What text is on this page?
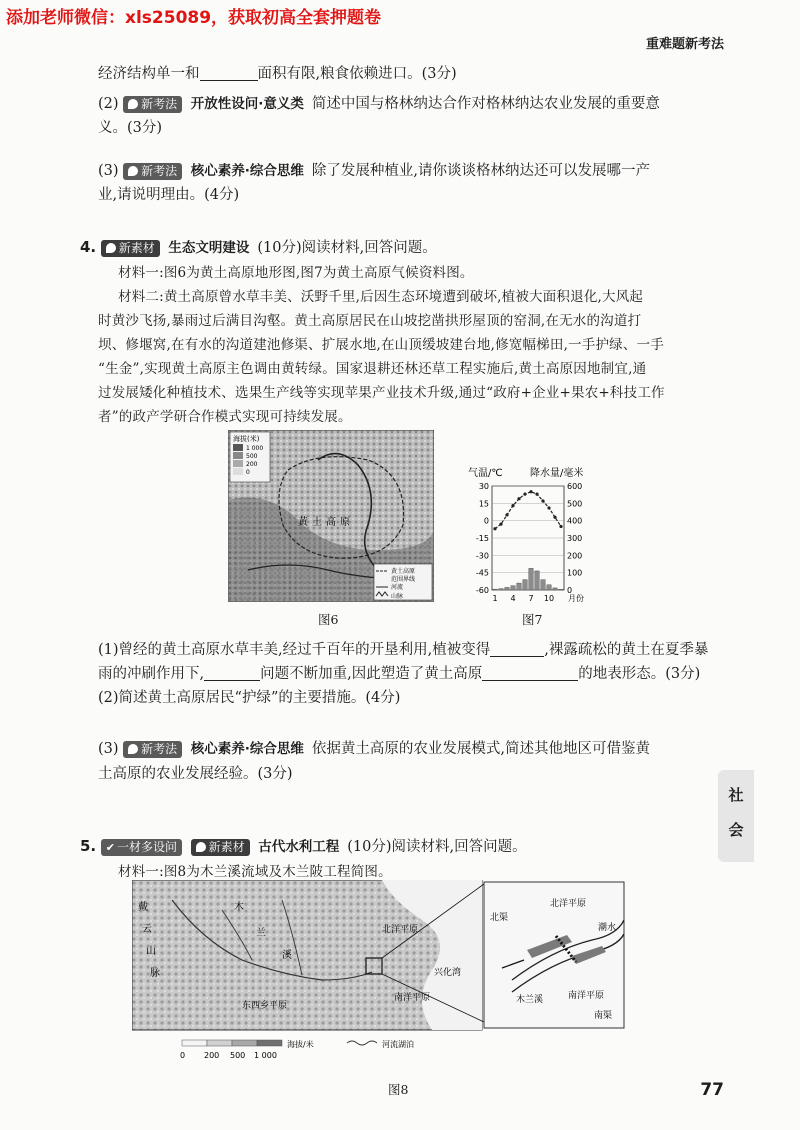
添加老师微信：xls25089，获取初高全套押题卷
重难题新考法
经济结构单一和	面积有限,粮食依赖进口。(3分)
(2) 新考法 开放性设问·意义类 简述中国与格林纳达合作对格林纳达农业发展的重要意
义。(3分)
(3) 新考法 核心素养·综合思维 除了发展种植业,请你谈谈格林纳达还可以发展哪一产
业,请说明理由。(4分)
4. 新素材 生态文明建设 (10分)阅读材料,回答问题。
材料一:图6为黄土高原地形图,图7为黄土高原气候资料图。
材料二:黄土高原曾水草丰美、沃野千里,后因生态环境遭到破坏,植被大面积退化,大风起
时黄沙飞扬,暴雨过后满目沟壑。黄土高原居民在山坡挖凿拱形屋顶的窑洞,在无水的沟道打
坝、修堰窝,在有水的沟道建池修渠、扩展水地,在山顶缓坡建台地,修宽幅梯田,一手护绿、一手
“生金”,实现黄土高原主色调由黄转绿。国家退耕还林还草工程实施后,黄土高原因地制宜,通
过发展矮化种植技术、选果生产线等实现苹果产业技术升级,通过“政府+企业+果农+科技工作
者”的政产学研合作模式实现可持续发展。
海拔(米)
1 000
500
200
0
黄土高原
黄土高原
范围界线
河流
山脉
图6
气温/℃	降水量/毫米
30	600
15	500
0	400
-15	300
-30	200
-45	100
-60	0
1 4 7 10 月份
图7
(1)曾经的黄土高原水草丰美,经过千百年的开垦利用,植被变得	,裸露疏松的黄土在夏季暴
雨的冲刷作用下,	问题不断加重,因此塑造了黄土高原	的地表形态。(3分)
(2)简述黄土高原居民“护绿”的主要措施。(4分)
(3) 新考法 核心素养·综合思维 依据黄土高原的农业发展模式,简述其他地区可借鉴黄
土高原的农业发展经验。(3分)
社
会
5. ✔ 一材多设问	新素材 古代水利工程 (10分)阅读材料,回答问题。
材料一:图8为木兰溪流域及木兰陂工程简图。
戴
云
山
脉
木
兰
溪
北洋平原
南洋平原
兴化湾
东西乡平原
北洋平原
南洋平原
北渠
南渠
木兰溪
潮水
0 200 500 1 000
海拔/米	河流湖泊
图8	77
